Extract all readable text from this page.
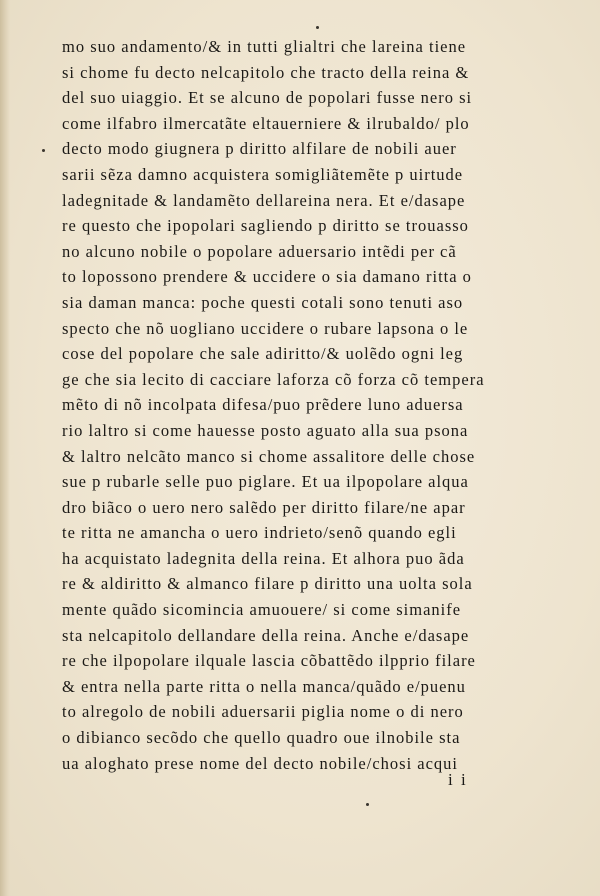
mo suo andamento/& in tutti glialtri che lareina tiene
si chome fu decto nelcapitolo che tracto della reina &
del suo uiaggio. Et se alcuno de popolari fusse nero si
come ilfabro ilmercatãte eltauerniere & ilrubaldo/ plo
decto modo giugnera p diritto alfilare de nobili auer
sarii sẽza damno acquistera somigliãtemẽte p uirtude
ladegnitade & landamẽto dellareina nera. Et e/dasape
re questo che ipopolari sagliendo p diritto se trouasso
no alcuno nobile o popolare aduersario intẽdi per cã
to lopossono prendere & uccidere o sia damano ritta o
sia daman manca: poche questi cotali sono tenuti aso
specto che nõ uogliano uccidere o rubare lapsona o le
cose del popolare che sale adiritto/& uolẽdo ogni leg
ge che sia lecito di cacciare laforza cõ forza cõ tempera
mẽto di nõ incolpata difesa/puo prẽdere luno aduersa
rio laltro si come hauesse posto aguato alla sua psona
& laltro nelcãto manco si chome assalitore delle chose
sue p rubarle selle puo piglare. Et ua ilpopolare alqua
dro biãco o uero nero salẽdo per diritto filare/ne apar
te ritta ne amancha o uero indrieto/senõ quando egli
ha acquistato ladegnita della reina. Et alhora puo ãda
re & aldiritto & almanco filare p diritto una uolta sola
mente quãdo sicomincia amuouere/ si come simanife
sta nelcapitolo dellandare della reina. Anche e/dasape
re che ilpopolare ilquale lascia cõbattẽdo ilpprio filare
& entra nella parte ritta o nella manca/quãdo e/puenu
to alregolo de nobili aduersarii piglia nome o di nero
o dibianco secõdo che quello quadro oue ilnobile sta
ua aloghato prese nome del decto nobile/chosi acqui
i i
